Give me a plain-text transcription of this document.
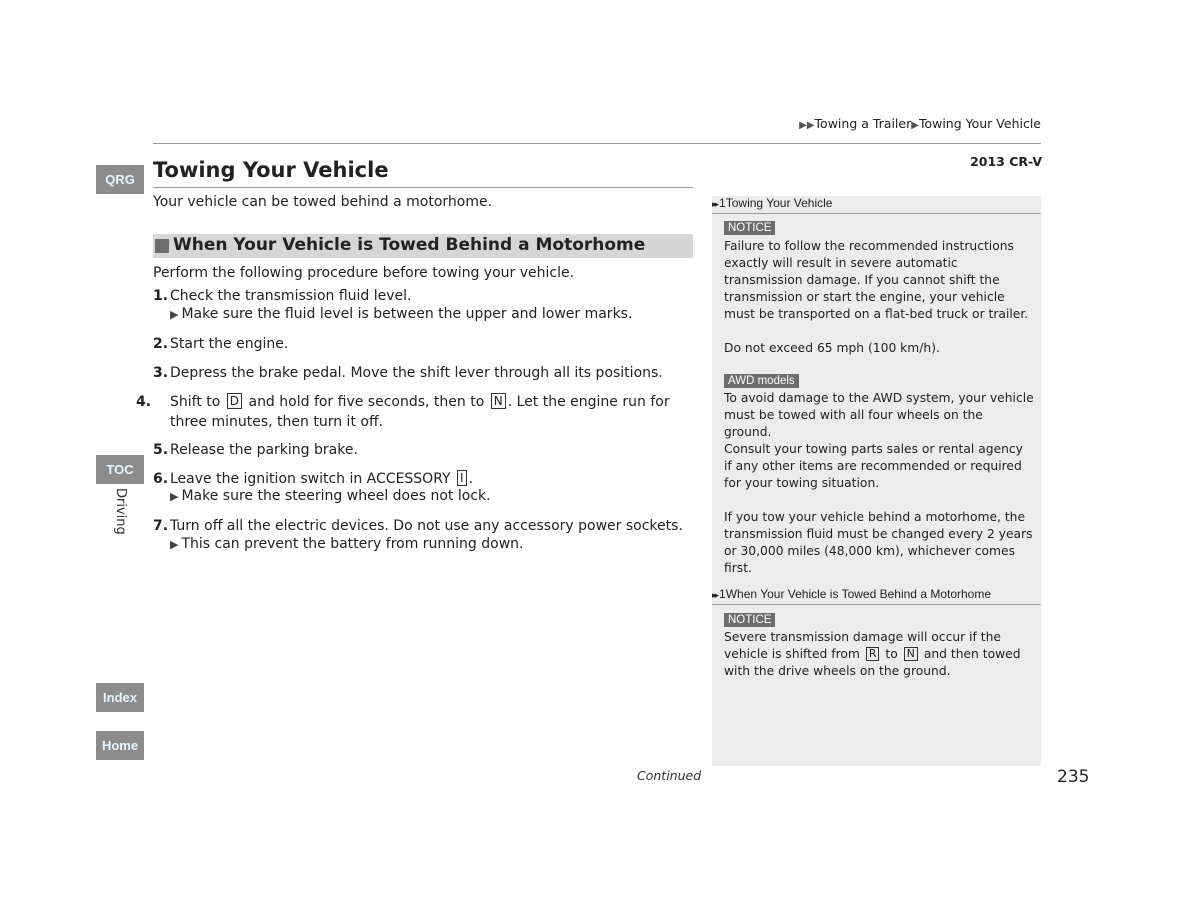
▶▶Towing a Trailer▶Towing Your Vehicle
2013 CR-V
QRG
TOC
Driving
Index
Home
Towing Your Vehicle
Your vehicle can be towed behind a motorhome.
When Your Vehicle is Towed Behind a Motorhome
Perform the following procedure before towing your vehicle.
1. Check the transmission fluid level.
▶ Make sure the fluid level is between the upper and lower marks.
2. Start the engine.
3. Depress the brake pedal. Move the shift lever through all its positions.
4. Shift to D and hold for five seconds, then to N . Let the engine run for three minutes, then turn it off.
5. Release the parking brake.
6. Leave the ignition switch in ACCESSORY I .
▶ Make sure the steering wheel does not lock.
7. Turn off all the electric devices. Do not use any accessory power sockets.
▶ This can prevent the battery from running down.
▸▸ 1Towing Your Vehicle
NOTICE
Failure to follow the recommended instructions exactly will result in severe automatic transmission damage. If you cannot shift the transmission or start the engine, your vehicle must be transported on a flat-bed truck or trailer.
Do not exceed 65 mph (100 km/h).
AWD models
To avoid damage to the AWD system, your vehicle must be towed with all four wheels on the ground.
Consult your towing parts sales or rental agency if any other items are recommended or required for your towing situation.
If you tow your vehicle behind a motorhome, the transmission fluid must be changed every 2 years or 30,000 miles (48,000 km), whichever comes first.
▸▸ 1When Your Vehicle is Towed Behind a Motorhome
NOTICE
Severe transmission damage will occur if the vehicle is shifted from R to N and then towed with the drive wheels on the ground.
Continued	235
